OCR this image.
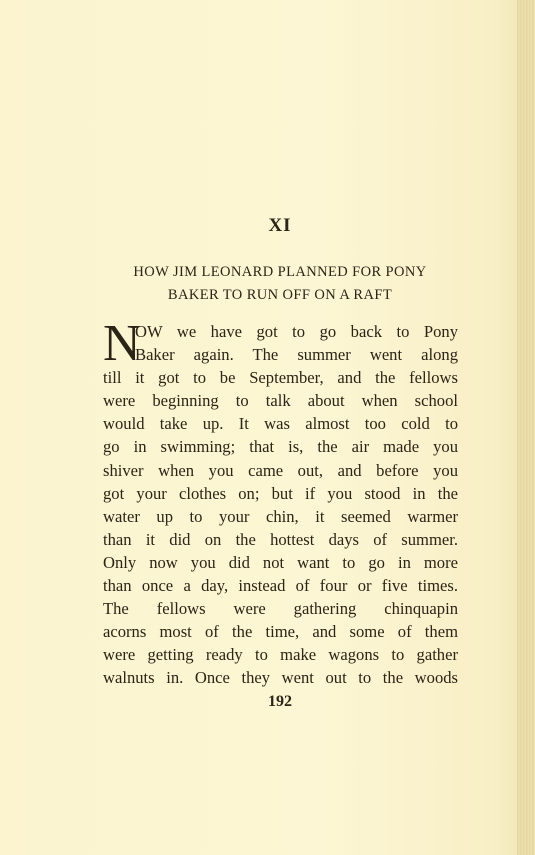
XI
HOW JIM LEONARD PLANNED FOR PONY
BAKER TO RUN OFF ON A RAFT
N
OW we have got to go back to Pony
Baker again. The summer went along
till it got to be September, and the fellows
were beginning to talk about when school
would take up. It was almost too cold to
go in swimming; that is, the air made you
shiver when you came out, and before you
got your clothes on; but if you stood in the
water up to your chin, it seemed warmer
than it did on the hottest days of summer.
Only now you did not want to go in more
than once a day, instead of four or five times.
The fellows were gathering chinquapin
acorns most of the time, and some of them
were getting ready to make wagons to gather
walnuts in. Once they went out to the woods
192
